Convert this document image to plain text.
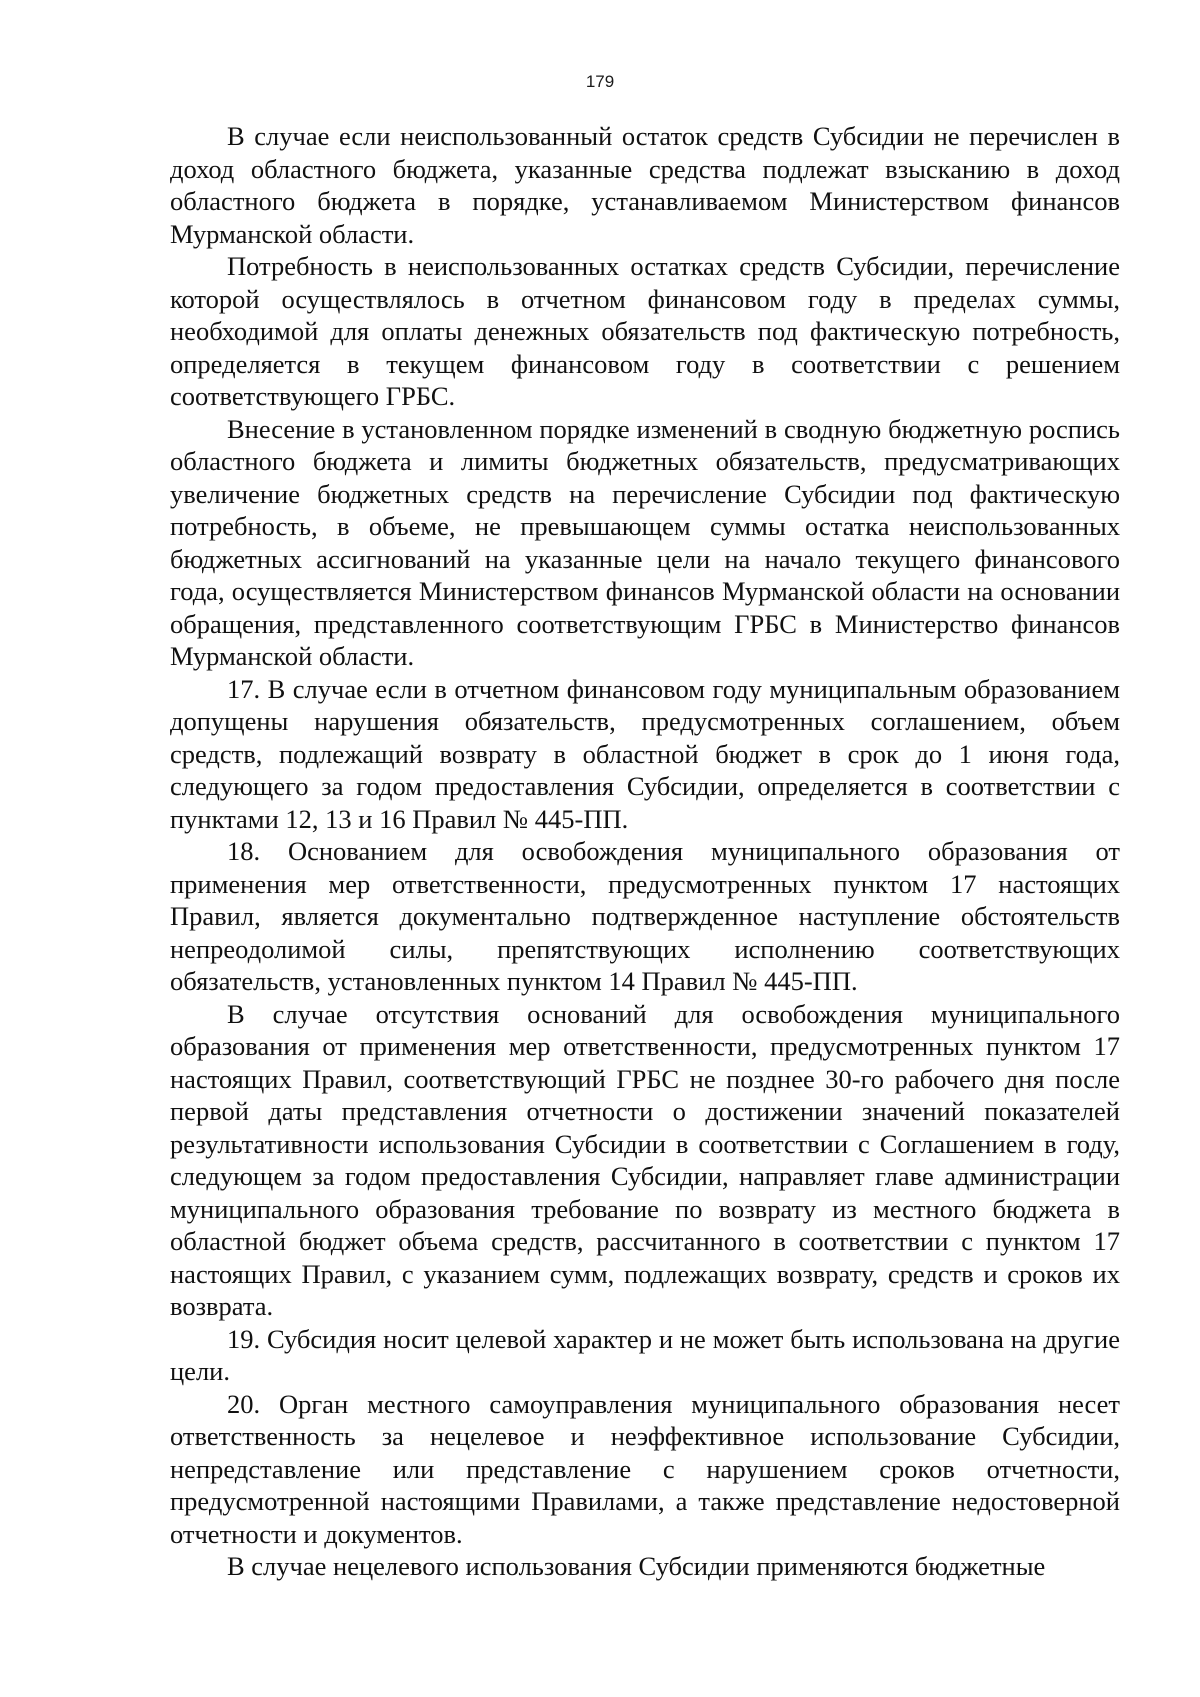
179

В случае если неиспользованный остаток средств Субсидии не перечислен в доход областного бюджета, указанные средства подлежат взысканию в доход областного бюджета в порядке, устанавливаемом Министерством финансов Мурманской области.

Потребность в неиспользованных остатках средств Субсидии, перечисление которой осуществлялось в отчетном финансовом году в пределах суммы, необходимой для оплаты денежных обязательств под фактическую потребность, определяется в текущем финансовом году в соответствии с решением соответствующего ГРБС.

Внесение в установленном порядке изменений в сводную бюджетную роспись областного бюджета и лимиты бюджетных обязательств, предусматривающих увеличение бюджетных средств на перечисление Субсидии под фактическую потребность, в объеме, не превышающем суммы остатка неиспользованных бюджетных ассигнований на указанные цели на начало текущего финансового года, осуществляется Министерством финансов Мурманской области на основании обращения, представленного соответствующим ГРБС в Министерство финансов Мурманской области.

17. В случае если в отчетном финансовом году муниципальным образованием допущены нарушения обязательств, предусмотренных соглашением, объем средств, подлежащий возврату в областной бюджет в срок до 1 июня года, следующего за годом предоставления Субсидии, определяется в соответствии с пунктами 12, 13 и 16 Правил № 445-ПП.

18. Основанием для освобождения муниципального образования от применения мер ответственности, предусмотренных пунктом 17 настоящих Правил, является документально подтвержденное наступление обстоятельств непреодолимой силы, препятствующих исполнению соответствующих обязательств, установленных пунктом 14 Правил № 445-ПП.

В случае отсутствия оснований для освобождения муниципального образования от применения мер ответственности, предусмотренных пунктом 17 настоящих Правил, соответствующий ГРБС не позднее 30-го рабочего дня после первой даты представления отчетности о достижении значений показателей результативности использования Субсидии в соответствии с Соглашением в году, следующем за годом предоставления Субсидии, направляет главе администрации муниципального образования требование по возврату из местного бюджета в областной бюджет объема средств, рассчитанного в соответствии с пунктом 17 настоящих Правил, с указанием сумм, подлежащих возврату, средств и сроков их возврата.

19. Субсидия носит целевой характер и не может быть использована на другие цели.

20. Орган местного самоуправления муниципального образования несет ответственность за нецелевое и неэффективное использование Субсидии, непредставление или представление с нарушением сроков отчетности, предусмотренной настоящими Правилами, а также представление недостоверной отчетности и документов.

В случае нецелевого использования Субсидии применяются бюджетные
